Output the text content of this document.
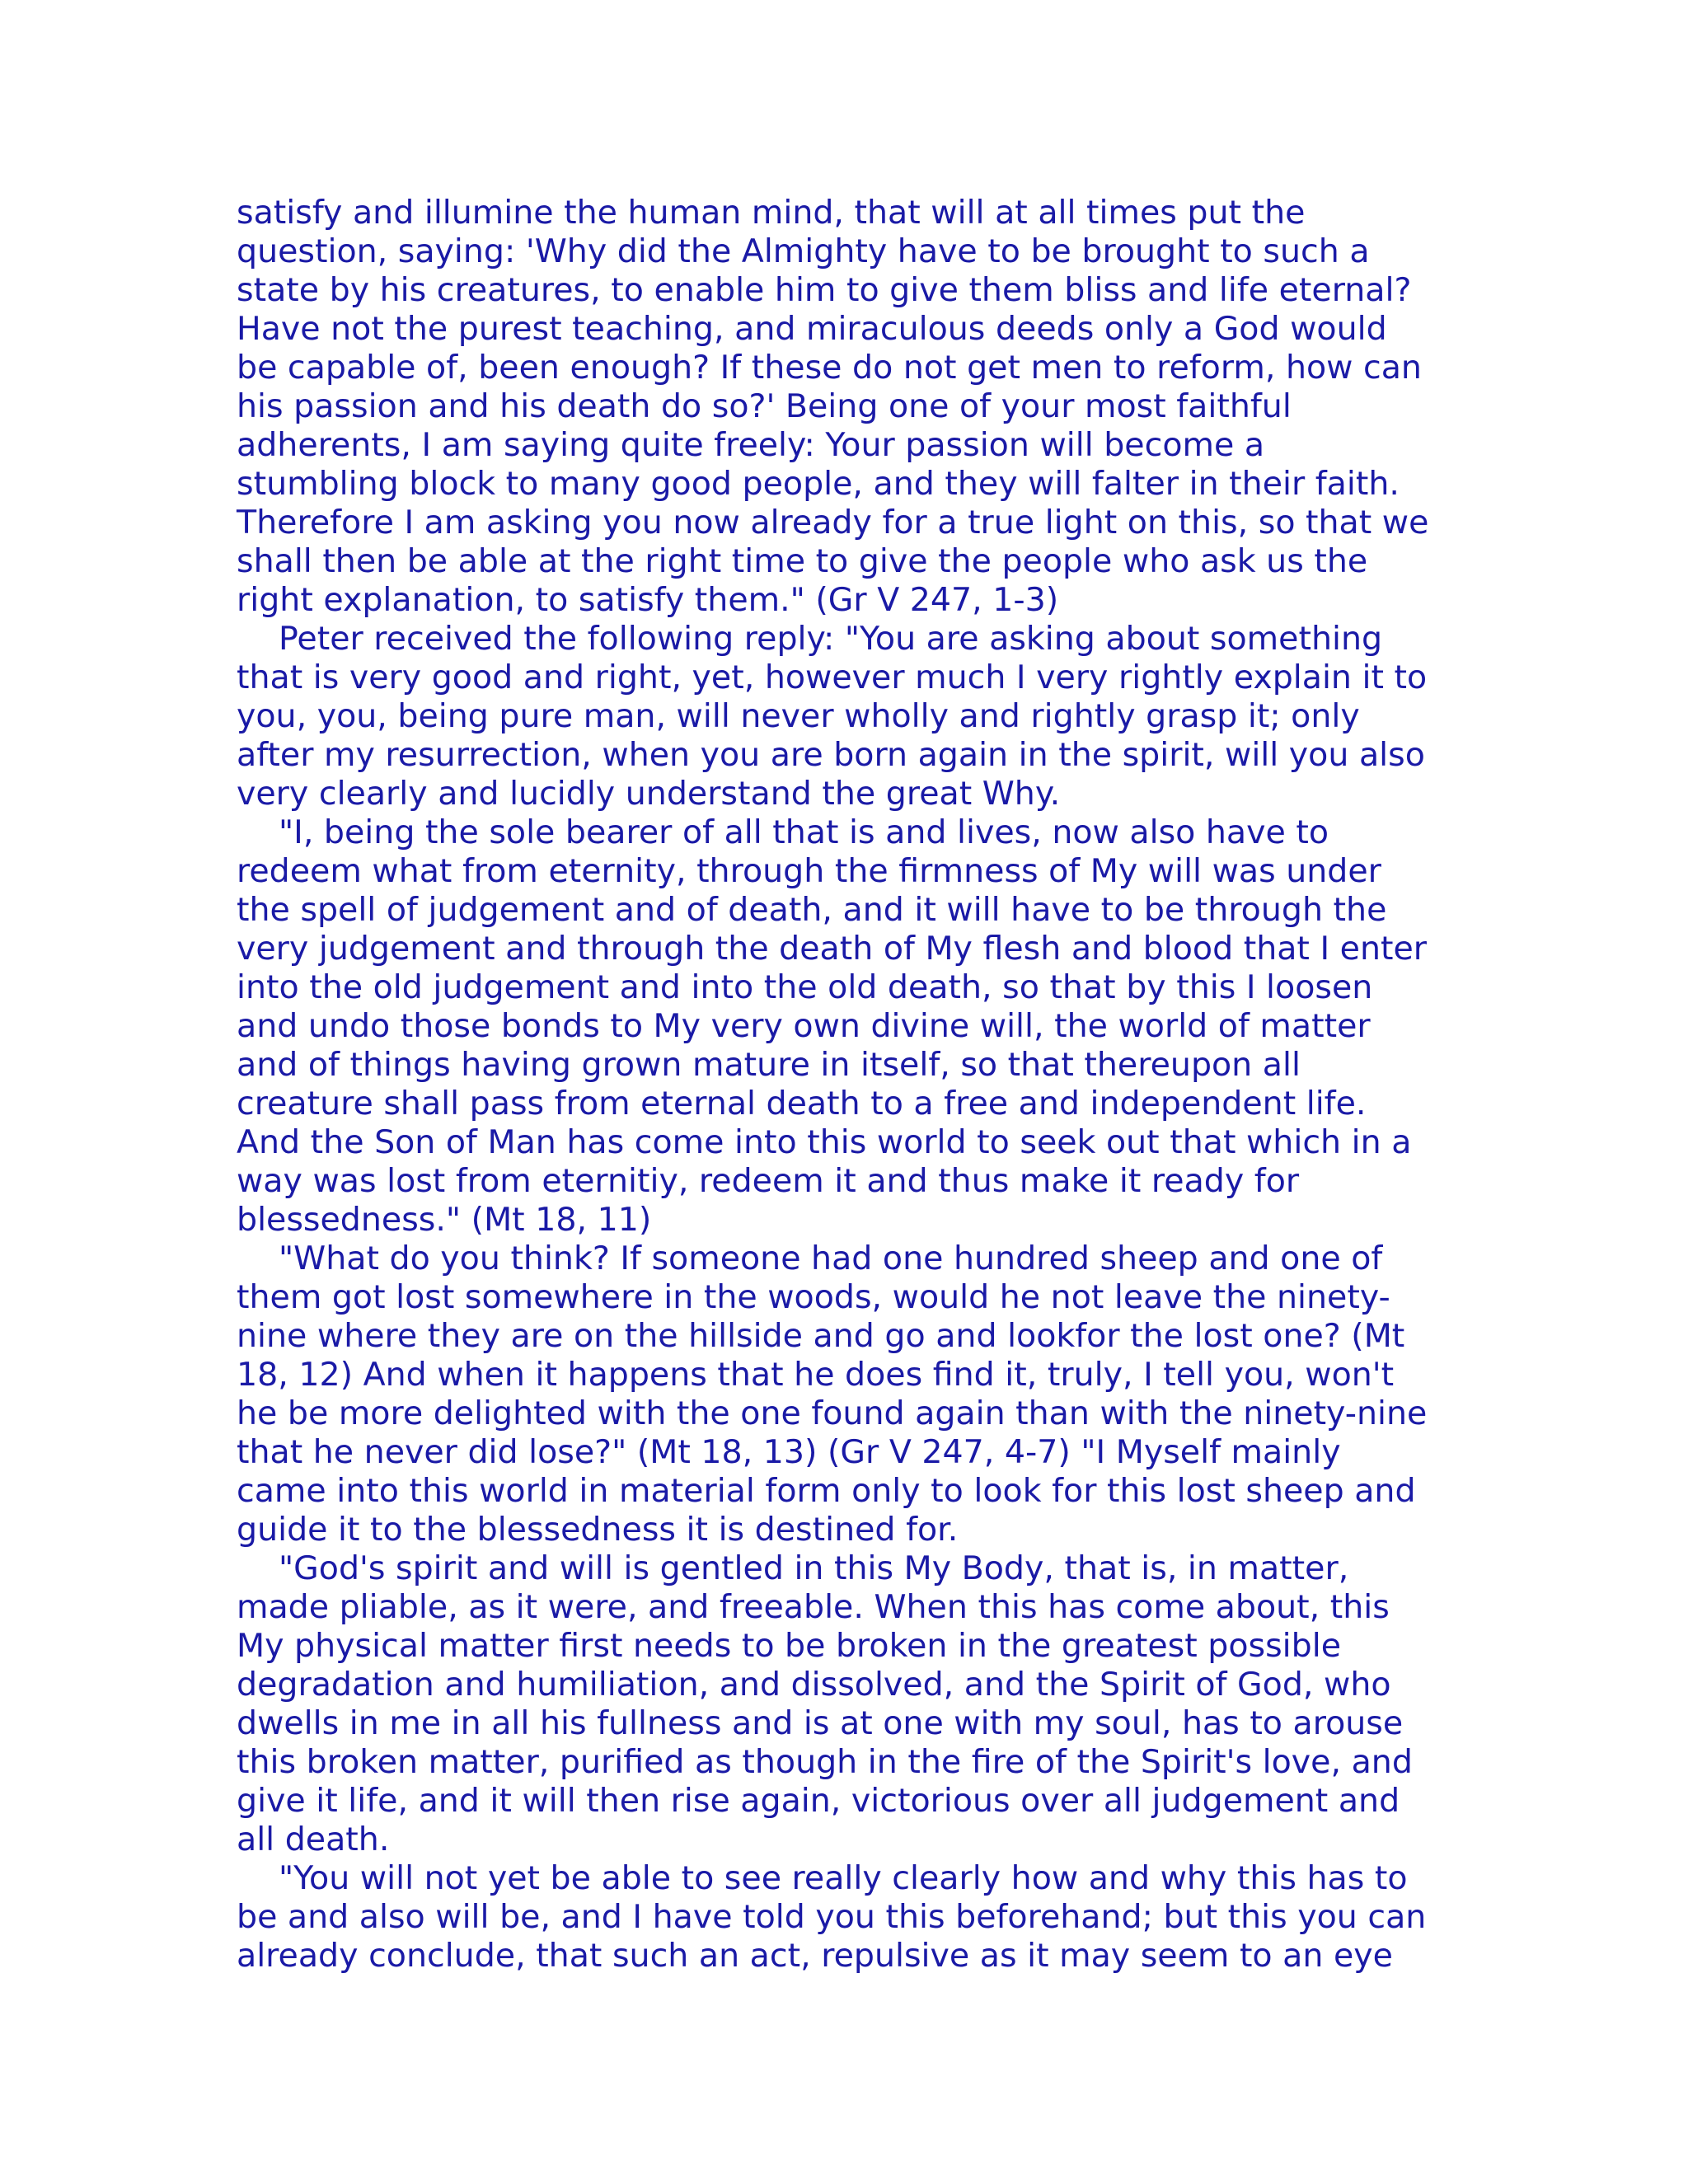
satisfy and illumine the human mind, that will at all times put the
question, saying: 'Why did the Almighty have to be brought to such a
state by his creatures, to enable him to give them bliss and life eternal?
Have not the purest teaching, and miraculous deeds only a God would
be capable of, been enough? If these do not get men to reform, how can
his passion and his death do so?' Being one of your most faithful
adherents, I am saying quite freely: Your passion will become a
stumbling block to many good people, and they will falter in their faith.
Therefore I am asking you now already for a true light on this, so that we
shall then be able at the right time to give the people who ask us the
right explanation, to satisfy them." (Gr V 247, 1-3)
Peter received the following reply: "You are asking about something
that is very good and right, yet, however much I very rightly explain it to
you, you, being pure man, will never wholly and rightly grasp it; only
after my resurrection, when you are born again in the spirit, will you also
very clearly and lucidly understand the great Why.
"I, being the sole bearer of all that is and lives, now also have to
redeem what from eternity, through the firmness of My will was under
the spell of judgement and of death, and it will have to be through the
very judgement and through the death of My flesh and blood that I enter
into the old judgement and into the old death, so that by this I loosen
and undo those bonds to My very own divine will, the world of matter
and of things having grown mature in itself, so that thereupon all
creature shall pass from eternal death to a free and independent life.
And the Son of Man has come into this world to seek out that which in a
way was lost from eternitiy, redeem it and thus make it ready for
blessedness." (Mt 18, 11)
"What do you think? If someone had one hundred sheep and one of
them got lost somewhere in the woods, would he not leave the ninety-
nine where they are on the hillside and go and lookfor the lost one? (Mt
18, 12) And when it happens that he does find it, truly, I tell you, won't
he be more delighted with the one found again than with the ninety-nine
that he never did lose?" (Mt 18, 13) (Gr V 247, 4-7) "I Myself mainly
came into this world in material form only to look for this lost sheep and
guide it to the blessedness it is destined for.
"God's spirit and will is gentled in this My Body, that is, in matter,
made pliable, as it were, and freeable. When this has come about, this
My physical matter first needs to be broken in the greatest possible
degradation and humiliation, and dissolved, and the Spirit of God, who
dwells in me in all his fullness and is at one with my soul, has to arouse
this broken matter, purified as though in the fire of the Spirit's love, and
give it life, and it will then rise again, victorious over all judgement and
all death.
"You will not yet be able to see really clearly how and why this has to
be and also will be, and I have told you this beforehand; but this you can
already conclude, that such an act, repulsive as it may seem to an eye
